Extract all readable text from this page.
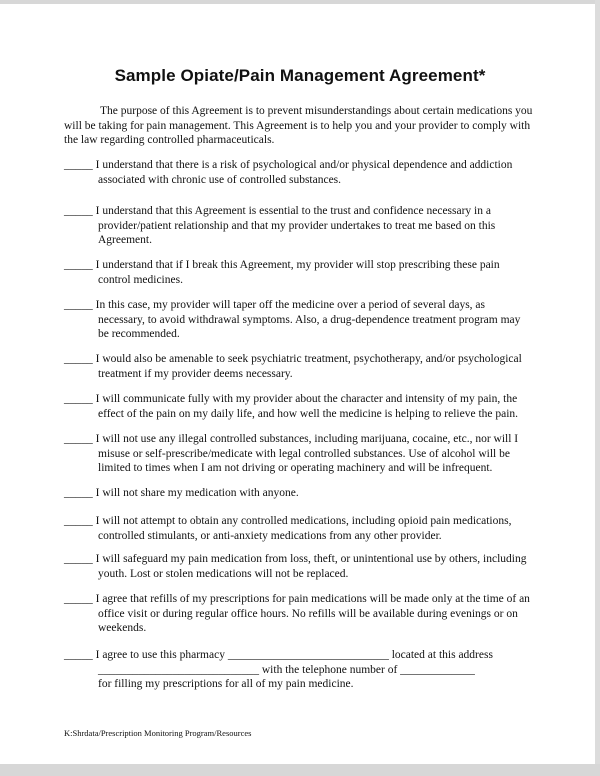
Sample Opiate/Pain Management Agreement*
The purpose of this Agreement is to prevent misunderstandings about certain medications you will be taking for pain management. This Agreement is to help you and your provider to comply with the law regarding controlled pharmaceuticals.
_____ I understand that there is a risk of psychological and/or physical dependence and addiction
associated with chronic use of controlled substances.
_____ I understand that this Agreement is essential to the trust and confidence necessary in a
provider/patient relationship and that my provider undertakes to treat me based on this
Agreement.
_____ I understand that if I break this Agreement, my provider will stop prescribing these pain
control medicines.
_____ In this case, my provider will taper off the medicine over a period of several days, as
necessary, to avoid withdrawal symptoms. Also, a drug-dependence treatment program may
be recommended.
_____ I would also be amenable to seek psychiatric treatment, psychotherapy, and/or psychological
treatment if my provider deems necessary.
_____ I will communicate fully with my provider about the character and intensity of my pain, the
effect of the pain on my daily life, and how well the medicine is helping to relieve the pain.
_____ I will not use any illegal controlled substances, including marijuana, cocaine, etc., nor will I
misuse or self-prescribe/medicate with legal controlled substances. Use of alcohol will be
limited to times when I am not driving or operating machinery and will be infrequent.
_____ I will not share my medication with anyone.
_____ I will not attempt to obtain any controlled medications, including opioid pain medications,
controlled stimulants, or anti-anxiety medications from any other provider.
_____ I will safeguard my pain medication from loss, theft, or unintentional use by others, including
youth. Lost or stolen medications will not be replaced.
_____ I agree that refills of my prescriptions for pain medications will be made only at the time of an
office visit or during regular office hours. No refills will be available during evenings or on
weekends.
_____ I agree to use this pharmacy ____________________________ located at this address
____________________________ with the telephone number of _____________
for filling my prescriptions for all of my pain medicine.
K:Shrdata/Prescription Monitoring Program/Resources
